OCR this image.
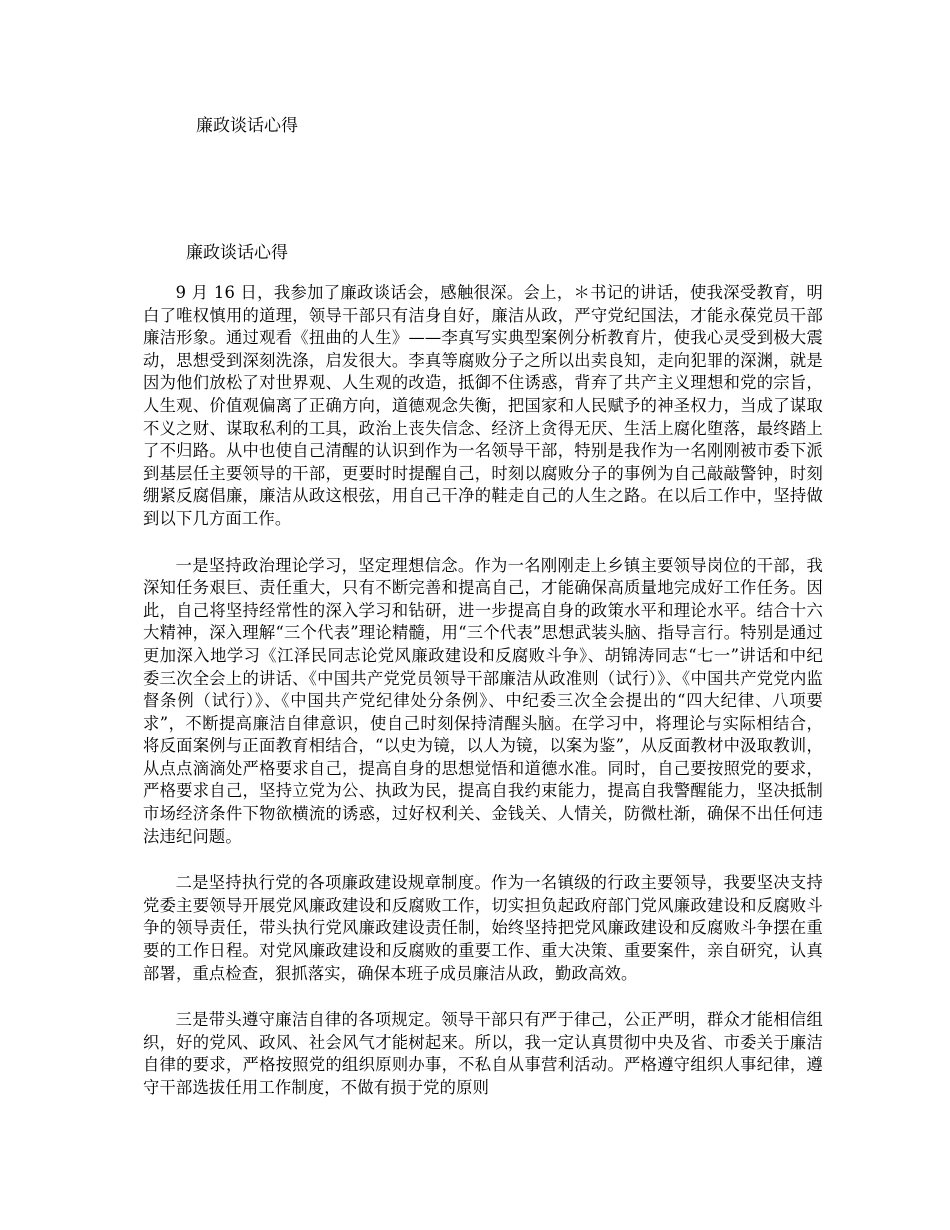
廉政谈话心得
廉政谈话心得

9 月 16 日，我参加了廉政谈话会，感触很深。会上，＊书记的讲话，使我深受教育，明白了唯权慎用的道理，领导干部只有洁身自好，廉洁从政，严守党纪国法，才能永葆党员干部廉洁形象。通过观看《扭曲的人生》——李真写实典型案例分析教育片，使我心灵受到极大震动，思想受到深刻洗涤，启发很大。李真等腐败分子之所以出卖良知，走向犯罪的深渊，就是因为他们放松了对世界观、人生观的改造，抵御不住诱惑，背弃了共产主义理想和党的宗旨，人生观、价值观偏离了正确方向，道德观念失衡，把国家和人民赋予的神圣权力，当成了谋取不义之财、谋取私利的工具，政治上丧失信念、经济上贪得无厌、生活上腐化堕落，最终踏上了不归路。从中也使自己清醒的认识到作为一名领导干部，特别是我作为一名刚刚被市委下派到基层任主要领导的干部，更要时时提醒自己，时刻以腐败分子的事例为自己敲敲警钟，时刻绷紧反腐倡廉，廉洁从政这根弦，用自己干净的鞋走自己的人生之路。在以后工作中，坚持做到以下几方面工作。

一是坚持政治理论学习，坚定理想信念。作为一名刚刚走上乡镇主要领导岗位的干部，我深知任务艰巨、责任重大，只有不断完善和提高自己，才能确保高质量地完成好工作任务。因此，自己将坚持经常性的深入学习和钻研，进一步提高自身的政策水平和理论水平。结合十六大精神，深入理解“三个代表”理论精髓，用“三个代表”思想武装头脑、指导言行。特别是通过更加深入地学习《江泽民同志论党风廉政建设和反腐败斗争》、胡锦涛同志“七一”讲话和中纪委三次全会上的讲话、《中国共产党党员领导干部廉洁从政准则（试行）》、《中国共产党党内监督条例（试行）》、《中国共产党纪律处分条例》、中纪委三次全会提出的“四大纪律、八项要求”，不断提高廉洁自律意识，使自己时刻保持清醒头脑。在学习中，将理论与实际相结合，将反面案例与正面教育相结合，“以史为镜，以人为镜，以案为鉴”，从反面教材中汲取教训，从点点滴滴处严格要求自己，提高自身的思想觉悟和道德水准。同时，自己要按照党的要求，严格要求自己，坚持立党为公、执政为民，提高自我约束能力，提高自我警醒能力，坚决抵制市场经济条件下物欲横流的诱惑，过好权利关、金钱关、人情关，防微杜渐，确保不出任何违法违纪问题。

二是坚持执行党的各项廉政建设规章制度。作为一名镇级的行政主要领导，我要坚决支持党委主要领导开展党风廉政建设和反腐败工作，切实担负起政府部门党风廉政建设和反腐败斗争的领导责任，带头执行党风廉政建设责任制，始终坚持把党风廉政建设和反腐败斗争摆在重要的工作日程。对党风廉政建设和反腐败的重要工作、重大决策、重要案件，亲自研究，认真部署，重点检查，狠抓落实，确保本班子成员廉洁从政，勤政高效。

三是带头遵守廉洁自律的各项规定。领导干部只有严于律己，公正严明，群众才能相信组织，好的党风、政风、社会风气才能树起来。所以，我一定认真贯彻中央及省、市委关于廉洁自律的要求，严格按照党的组织原则办事，不私自从事营利活动。严格遵守组织人事纪律，遵守干部选拔任用工作制度，不做有损于党的原则
